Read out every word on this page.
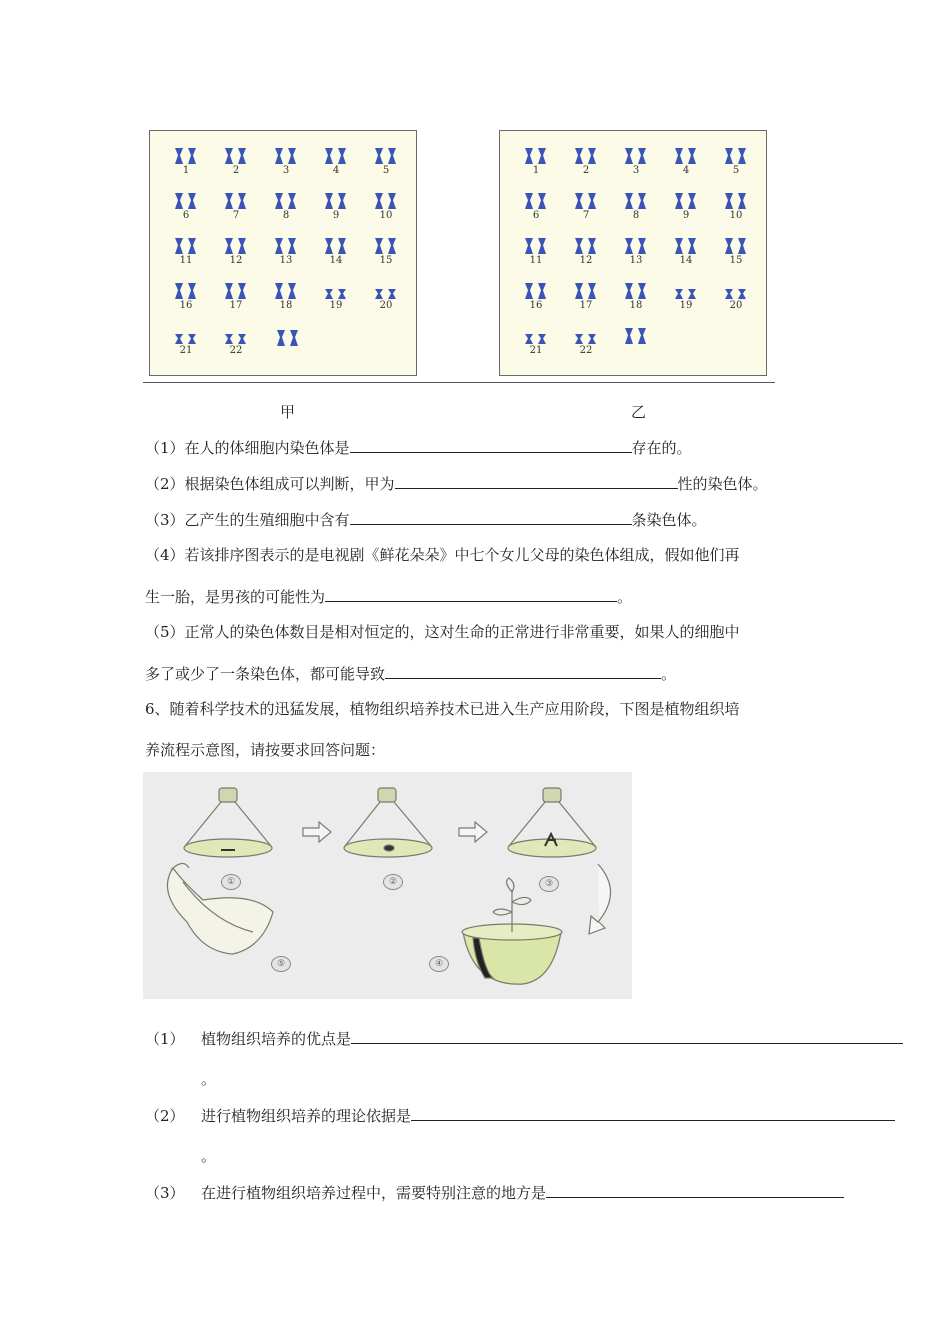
1	2	3	4	5
6	7	8	9	10
11	12	13	14	15
16	17	18	19	20
21	22
1	2	3	4	5
6	7	8	9	10
11	12	13	14	15
16	17	18	19	20
21	22
甲	乙
（1）在人的体细胞内染色体是	存在的。
（2）根据染色体组成可以判断，甲为	性的染色体。
（3）乙产生的生殖细胞中含有	条染色体。
（4）若该排序图表示的是电视剧《鲜花朵朵》中七个女儿父母的染色体组成，假如他们再
生一胎，是男孩的可能性为	。
（5）正常人的染色体数目是相对恒定的，这对生命的正常进行非常重要，如果人的细胞中
多了或少了一条染色体，都可能导致	。
6、随着科学技术的迅猛发展，植物组织培养技术已进入生产应用阶段，下图是植物组织培
养流程示意图，请按要求回答问题：
①	②	③
④
⑤
（1） 植物组织培养的优点是
。
（2） 进行植物组织培养的理论依据是
。
（3） 在进行植物组织培养过程中，需要特别注意的地方是
